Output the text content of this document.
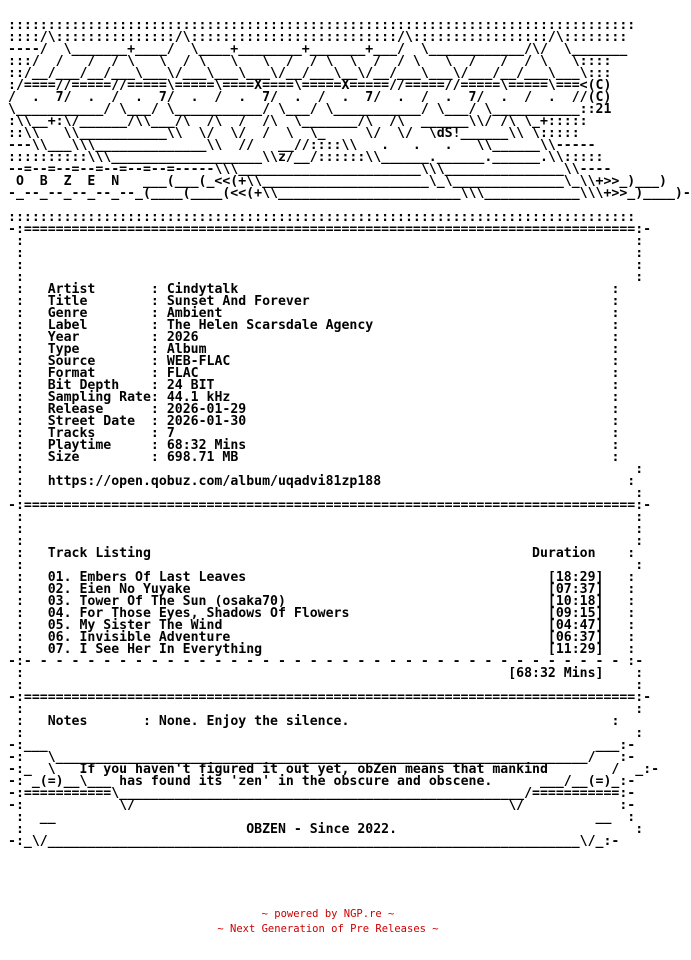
:::::::::::::::::::::::::::::::::::::::::::::::::::::::::::::::::::::::::::::::
::::/\:::::::::::::::/\::::::::::::::::::::::::::/\:::::::::::::::::/\::::::::
----/  \_______+____/  \____+________+_______+___/  \____________/\/  \_______
:::/  /   /  / \   \  / \   \   \  /  / \  \  /  / \   \  /   /  / \   \::::
::/__/___/__/___\___\/___\___\___\/__/___\__\/__/___\___\/___/__/___\___\:::
:/====//=====//=====\=====\====X====\=====X=====//=====//=====\=====\===<(C)
/  .  7/  .  /  .  7/  .  /  .  7/  .  /  .  7/  .  /  .  7/  .  /  .  //(C)
\___________/ \___/ \___________/ \___/ \___________/ \___/ \___________::21
:\\__+:\/______/\\___/\  /\  /  /\  \_______/\  /\  ______\\/ /\ \_+:::::
::\\   \\___________\\  \/  \/  /  \  \_     \/  \/  \dS!______\\ \:::::
---\\___\\\______________\\  //   __//::::\\   .   .   .   \\______\\-----
::::::::::\\\___________________\\z/__/::::::\\______.______.______.\\:::::
--=--=--=--=--=--=--=-----\\\_______________________\\\_______________\\----
O  B  Z  E  N   ___(___(_<<(+\\_____________________\_\______________\_\\+>>_)___)
-_--_--_--_--_--_(____(____(<<(+\\_______________________\\\____________\\\+>>_)____)-
:::::::::::::::::::::::::::::::::::::::::::::::::::::::::::::::::::::::::::::::
-:=============================================================================:-
:                                                                             :
:                                                                             :
:                                                                             :
:                                                                             :
:   Artist       : Cindytalk                                               :
:   Title        : Sunset And Forever                                      :
:   Genre        : Ambient                                                 :
:   Label        : The Helen Scarsdale Agency                              :
:   Year         : 2026                                                    :
:   Type         : Album                                                   :
:   Source       : WEB-FLAC                                                :
:   Format       : FLAC                                                    :
:   Bit Depth    : 24 BIT                                                  :
:   Sampling Rate: 44.1 kHz                                                :
:   Release      : 2026-01-29                                              :
:   Street Date  : 2026-01-30                                              :
:   Tracks       : 7                                                       :
:   Playtime     : 68:32 Mins                                              :
:   Size         : 698.71 MB                                               :
:                                                                             :
:   https://open.qobuz.com/album/uqadvi81zp188                               :
:                                                                             :
-:=============================================================================:-
:                                                                             :
:                                                                             :
:                                                                             :
:   Track Listing                                                Duration    :
:                                                                             :
:   01. Embers Of Last Leaves                                      [18:29]   :
:   02. Eien No Yuyake                                             [07:37]   :
:   03. Tower Of The Sun (osaka70)                                 [10:18]   :
:   04. For Those Eyes, Shadows Of Flowers                         [09:15]   :
:   05. My Sister The Wind                                         [04:47]   :
:   06. Invisible Adventure                                        [06:37]   :
:   07. I See Her In Everything                                    [11:29]   :
-:- - - - - - - - - - - - - - - - - - - - - - - - - - - - - - - - - - - - - - :-
:                                                             [68:32 Mins]    :
:                                                                             :
-:=============================================================================:-
:                                                                             :
:   Notes       : None. Enjoy the silence.                                 :
:                                                                             :
-:___                                                                     ___:-
-:   \___________________________________________________________________/   :-
-:_  \   If you haven't figured it out yet, obZen means that mankind        /  _:-
-: _(=)__\___ has found its 'zen' in the obscure and obscene.      ___/__(=)_:-
-:===========\___________________________________________________/===========:-
-:            \/                                               \/            :-
:  __                                                                    __  :
:                            OBZEN - Since 2022.                              :
-:_\/___________________________________________________________________\/_:-
~ powered by NGP.re ~
~ Next Generation of Pre Releases ~
